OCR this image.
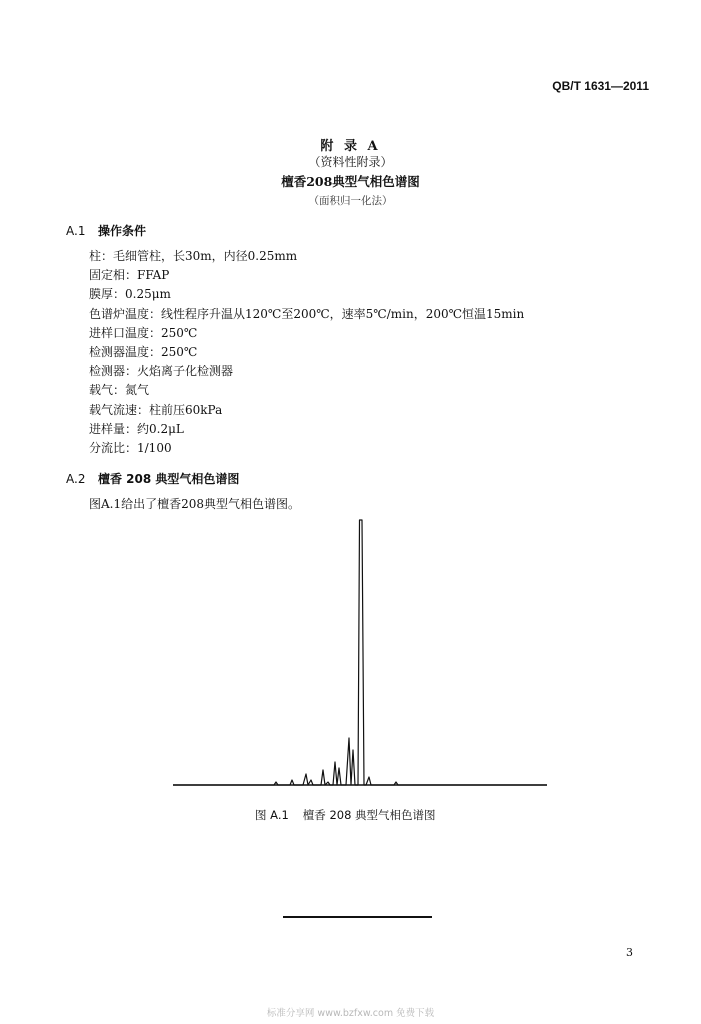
QB/T 1631—2011
附 录 A
（资料性附录）
檀香208典型气相色谱图
（面积归一化法）
A.1 操作条件
柱：毛细管柱，长30m，内径0.25mm
固定相：FFAP
膜厚：0.25μm
色谱炉温度：线性程序升温从120℃至200℃，速率5℃/min，200℃恒温15min
进样口温度：250℃
检测器温度：250℃
检测器：火焰离子化检测器
载气：氮气
载气流速：柱前压60kPa
进样量：约0.2μL
分流比：1/100
A.2 檀香 208 典型气相色谱图
图A.1给出了檀香208典型气相色谱图。
图 A.1 檀香 208 典型气相色谱图
3
标准分享网 www.bzfxw.com 免费下载
